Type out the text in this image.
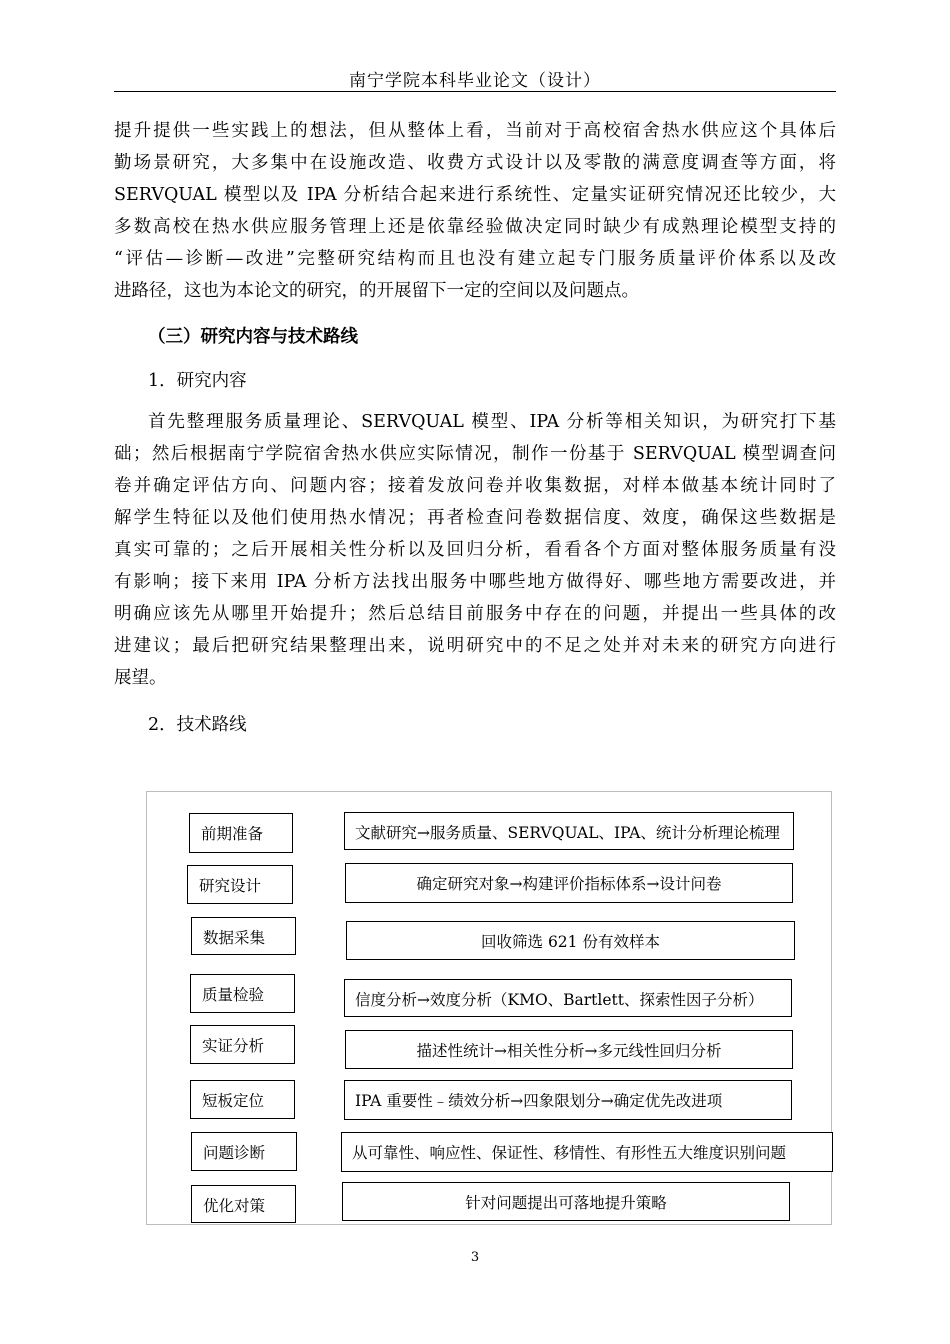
南宁学院本科毕业论文（设计）
提升提供一些实践上的想法，但从整体上看，当前对于高校宿舍热水供应这个具体后
勤场景研究，大多集中在设施改造、收费方式设计以及零散的满意度调查等方面，将
SERVQUAL 模型以及 IPA 分析结合起来进行系统性、定量实证研究情况还比较少，大
多数高校在热水供应服务管理上还是依靠经验做决定同时缺少有成熟理论模型支持的
“评估—诊断—改进”完整研究结构而且也没有建立起专门服务质量评价体系以及改
进路径，这也为本论文的研究，的开展留下一定的空间以及问题点。
（三）研究内容与技术路线
1．研究内容
首先整理服务质量理论、SERVQUAL 模型、IPA 分析等相关知识，为研究打下基
础；然后根据南宁学院宿舍热水供应实际情况，制作一份基于 SERVQUAL 模型调查问
卷并确定评估方向、问题内容；接着发放问卷并收集数据，对样本做基本统计同时了
解学生特征以及他们使用热水情况；再者检查问卷数据信度、效度，确保这些数据是
真实可靠的；之后开展相关性分析以及回归分析，看看各个方面对整体服务质量有没
有影响；接下来用 IPA 分析方法找出服务中哪些地方做得好、哪些地方需要改进，并
明确应该先从哪里开始提升；然后总结目前服务中存在的问题，并提出一些具体的改
进建议；最后把研究结果整理出来，说明研究中的不足之处并对未来的研究方向进行
展望。
2．技术路线
前期准备	文献研究→服务质量、SERVQUAL、IPA、统计分析理论梳理
研究设计	确定研究对象→构建评价指标体系→设计问卷
数据采集	回收筛选 621 份有效样本
质量检验	信度分析→效度分析（KMO、Bartlett、探索性因子分析）
实证分析	描述性统计→相关性分析→多元线性回归分析
短板定位	IPA 重要性﹣绩效分析→四象限划分→确定优先改进项
问题诊断	从可靠性、响应性、保证性、移情性、有形性五大维度识别问题
优化对策	针对问题提出可落地提升策略
3
